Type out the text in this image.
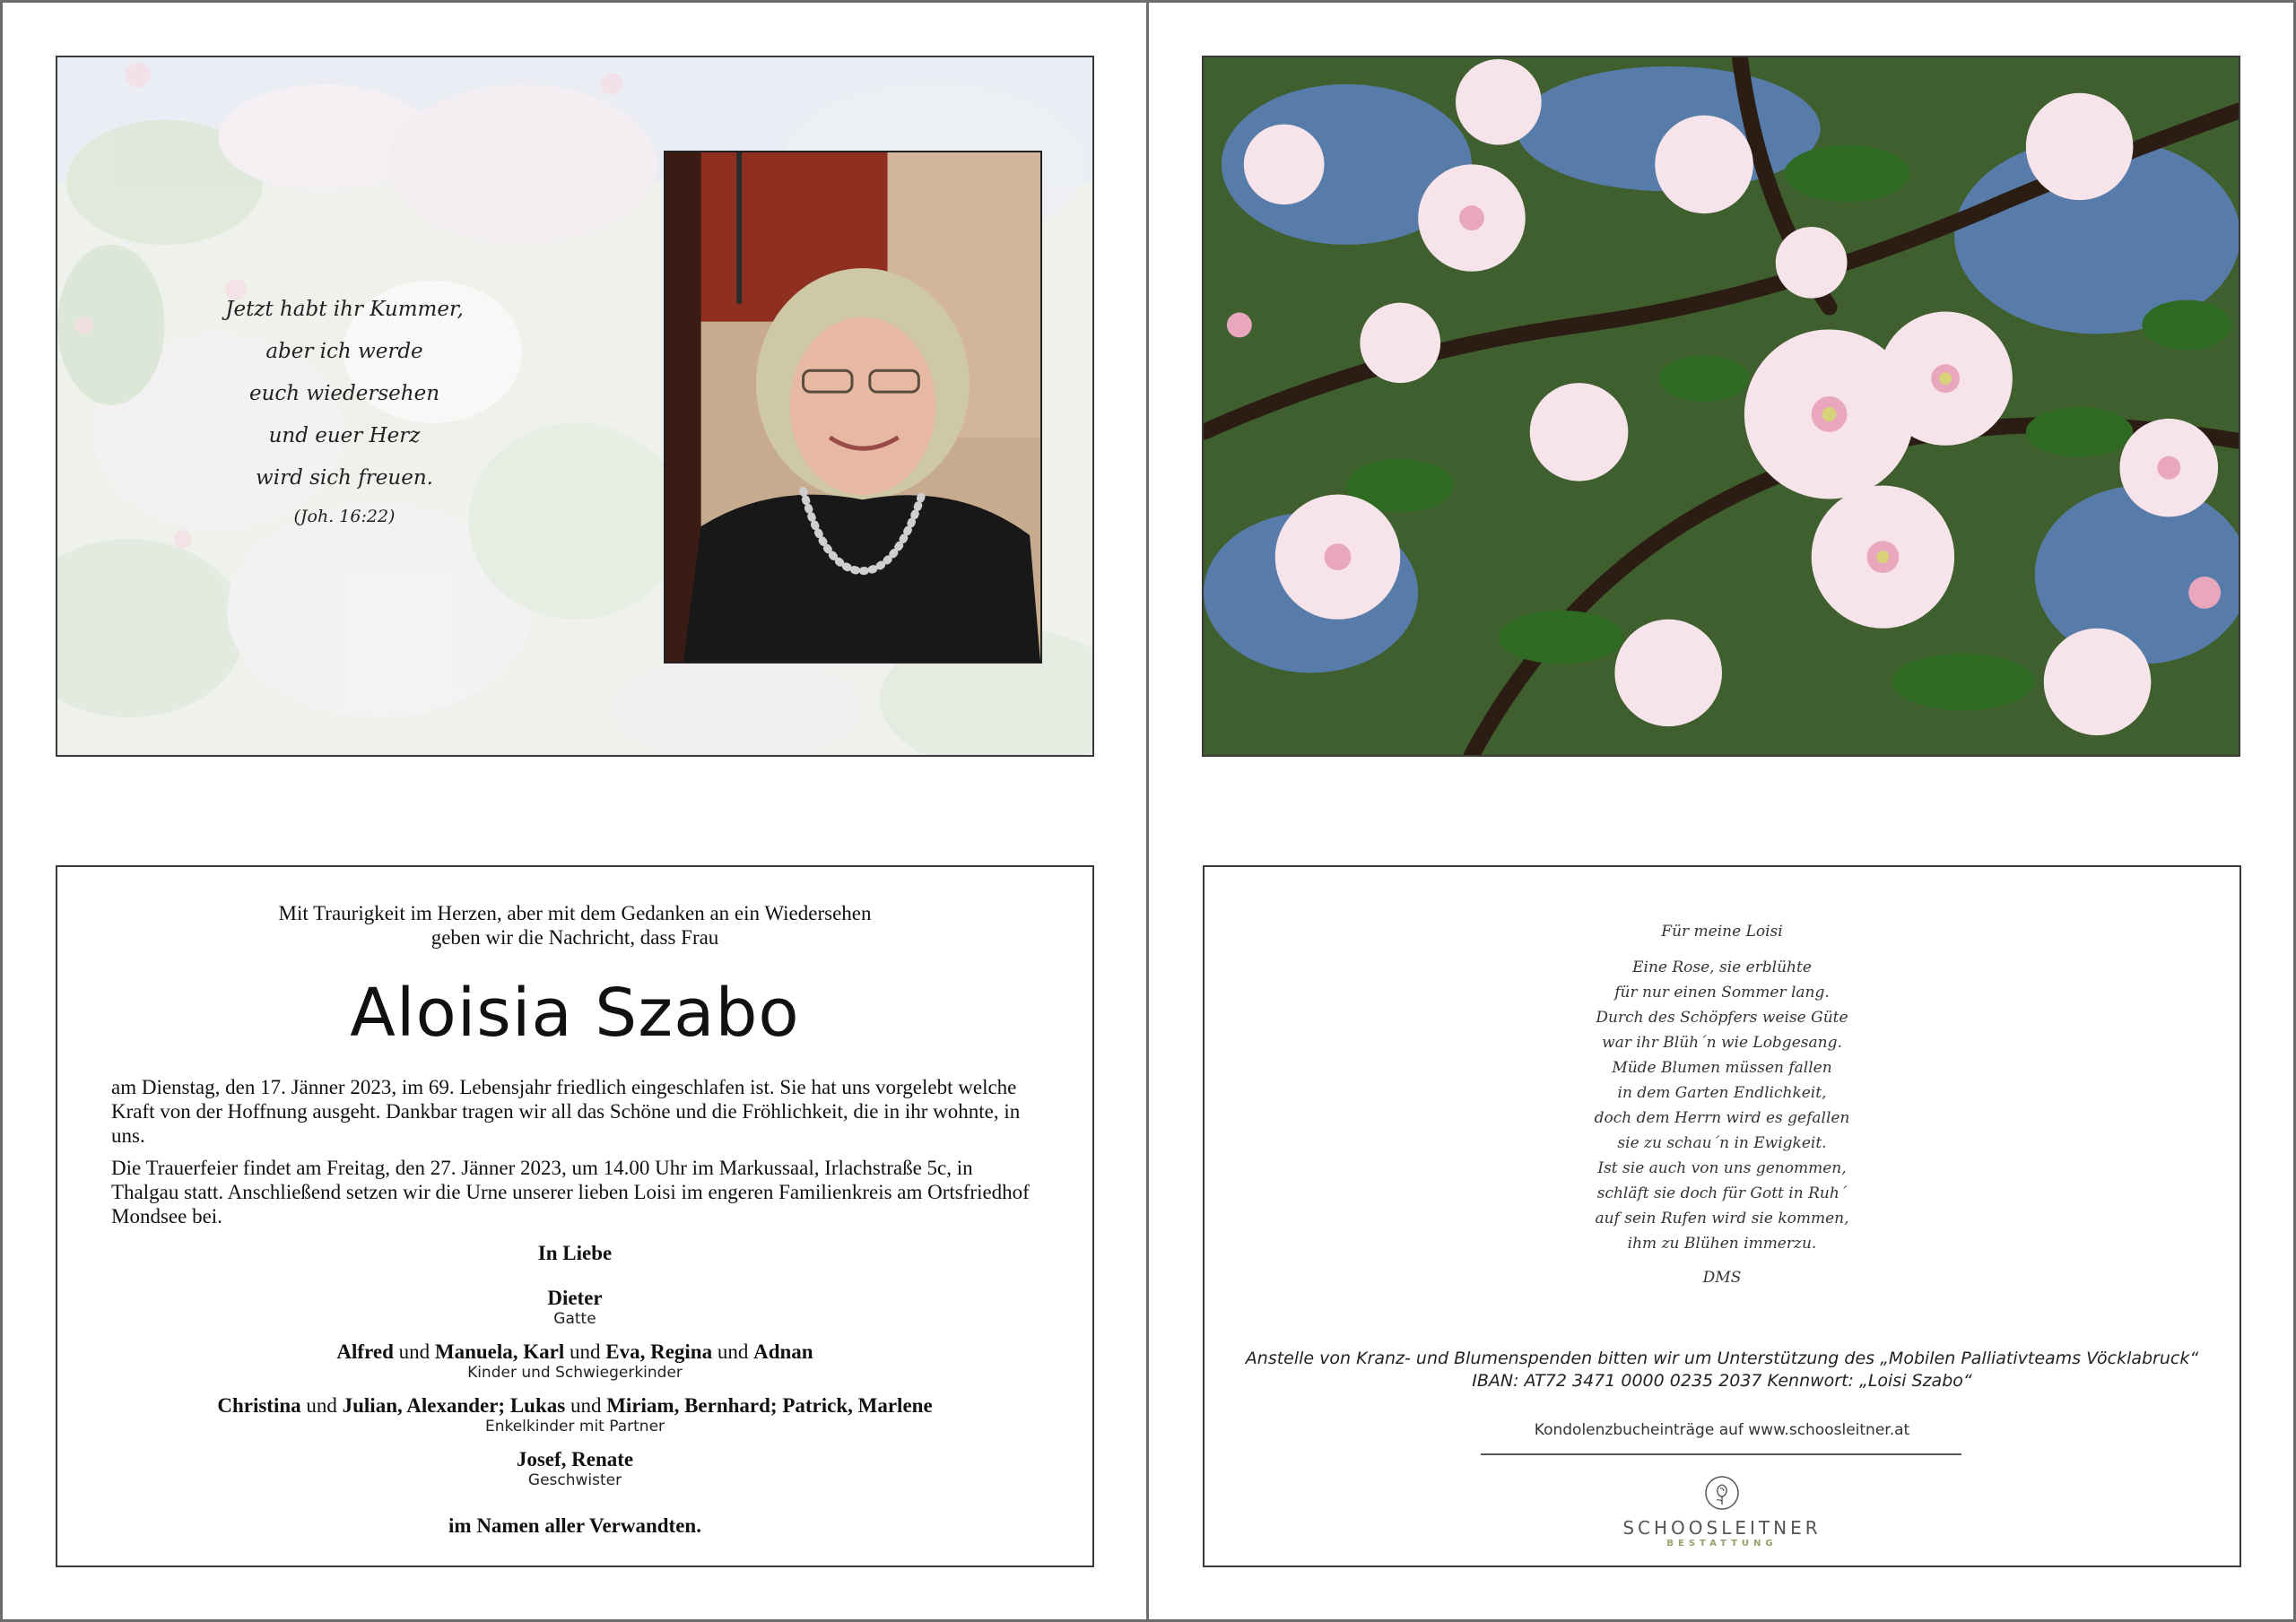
Jetzt habt ihr Kummer,
aber ich werde
euch wiedersehen
und euer Herz
wird sich freuen.
(Joh. 16:22)
Mit Traurigkeit im Herzen, aber mit dem Gedanken an ein Wiedersehen
geben wir die Nachricht, dass Frau
Aloisia Szabo
am Dienstag, den 17. Jänner 2023, im 69. Lebensjahr friedlich eingeschlafen ist. Sie hat uns vorgelebt welche Kraft von der Hoffnung ausgeht. Dankbar tragen wir all das Schöne und die Fröhlichkeit, die in ihr wohnte, in uns.
Die Trauerfeier findet am Freitag, den 27. Jänner 2023, um 14.00 Uhr im Markussaal, Irlachstraße 5c, in Thalgau statt. Anschließend setzen wir die Urne unserer lieben Loisi im engeren Familienkreis am Ortsfriedhof Mondsee bei.
In Liebe
Dieter
Gatte
Alfred und Manuela, Karl und Eva, Regina und Adnan
Kinder und Schwiegerkinder
Christina und Julian, Alexander; Lukas und Miriam, Bernhard; Patrick, Marlene
Enkelkinder mit Partner
Josef, Renate
Geschwister
im Namen aller Verwandten.
Für meine Loisi
Eine Rose, sie erblühte
für nur einen Sommer lang.
Durch des Schöpfers weise Güte
war ihr Blüh´n wie Lobgesang.
Müde Blumen müssen fallen
in dem Garten Endlichkeit,
doch dem Herrn wird es gefallen
sie zu schau´n in Ewigkeit.
Ist sie auch von uns genommen,
schläft sie doch für Gott in Ruh´
auf sein Rufen wird sie kommen,
ihm zu Blühen immerzu.
DMS
Anstelle von Kranz- und Blumenspenden bitten wir um Unterstützung des „Mobilen Palliativteams Vöcklabruck“
IBAN: AT72 3471 0000 0235 2037 Kennwort: „Loisi Szabo“
Kondolenzbucheinträge auf www.schoosleitner.at
SCHOOSLEITNER
BESTATTUNG
